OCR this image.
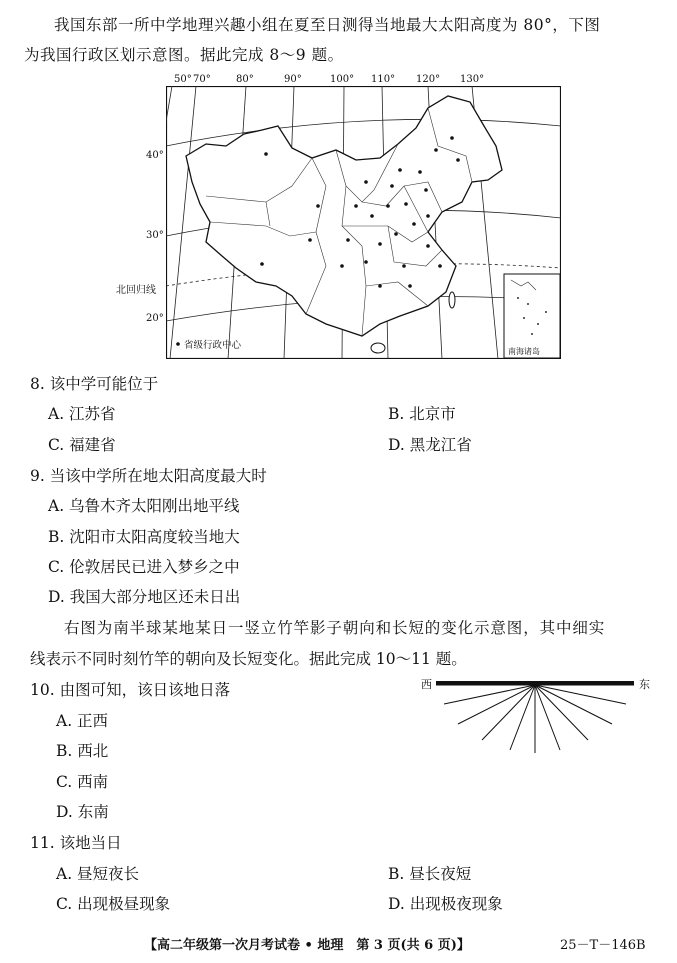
我国东部一所中学地理兴趣小组在夏至日测得当地最大太阳高度为 80°，下图
为我国行政区划示意图。据此完成 8～9 题。
南海诸岛
省级行政中心
50° 70°	80°	90°	100° 110° 120° 130°
40°
30°
20°
北回归线
8. 该中学可能位于
A. 江苏省	B. 北京市
C. 福建省	D. 黑龙江省
9. 当该中学所在地太阳高度最大时
A. 乌鲁木齐太阳刚出地平线
B. 沈阳市太阳高度较当地大
C. 伦敦居民已进入梦乡之中
D. 我国大部分地区还未日出
右图为南半球某地某日一竖立竹竿影子朝向和长短的变化示意图，其中细实
线表示不同时刻竹竿的朝向及长短变化。据此完成 10～11 题。
西	东
10. 由图可知，该日该地日落
A. 正西
B. 西北
C. 西南
D. 东南
11. 该地当日
A. 昼短夜长	B. 昼长夜短
C. 出现极昼现象	D. 出现极夜现象
【高二年级第一次月考试卷 • 地理　第 3 页(共 6 页)】	25－T－146B
